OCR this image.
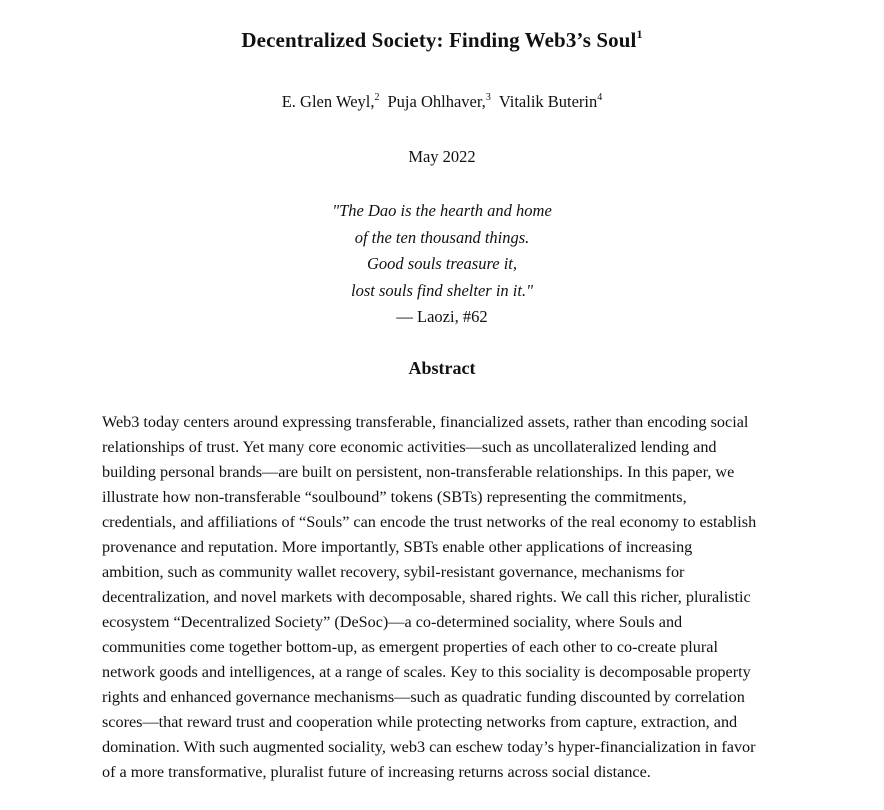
Decentralized Society: Finding Web3’s Soul$^1$
E. Glen Weyl,$^2$ Puja Ohlhaver,$^3$ Vitalik Buterin$^4$
May 2022
"The Dao is the hearth and home
of the ten thousand things.
Good souls treasure it,
lost souls find shelter in it."
— Laozi, #62
Abstract
Web3 today centers around expressing transferable, financialized assets, rather than encoding social
relationships of trust. Yet many core economic activities—such as uncollateralized lending and
building personal brands—are built on persistent, non-transferable relationships. In this paper, we
illustrate how non-transferable “soulbound” tokens (SBTs) representing the commitments,
credentials, and affiliations of “Souls” can encode the trust networks of the real economy to establish
provenance and reputation. More importantly, SBTs enable other applications of increasing
ambition, such as community wallet recovery, sybil-resistant governance, mechanisms for
decentralization, and novel markets with decomposable, shared rights. We call this richer, pluralistic
ecosystem “Decentralized Society” (DeSoc)—a co-determined sociality, where Souls and
communities come together bottom-up, as emergent properties of each other to co-create plural
network goods and intelligences, at a range of scales. Key to this sociality is decomposable property
rights and enhanced governance mechanisms—such as quadratic funding discounted by correlation
scores—that reward trust and cooperation while protecting networks from capture, extraction, and
domination. With such augmented sociality, web3 can eschew today’s hyper-financialization in favor
of a more transformative, pluralist future of increasing returns across social distance.
